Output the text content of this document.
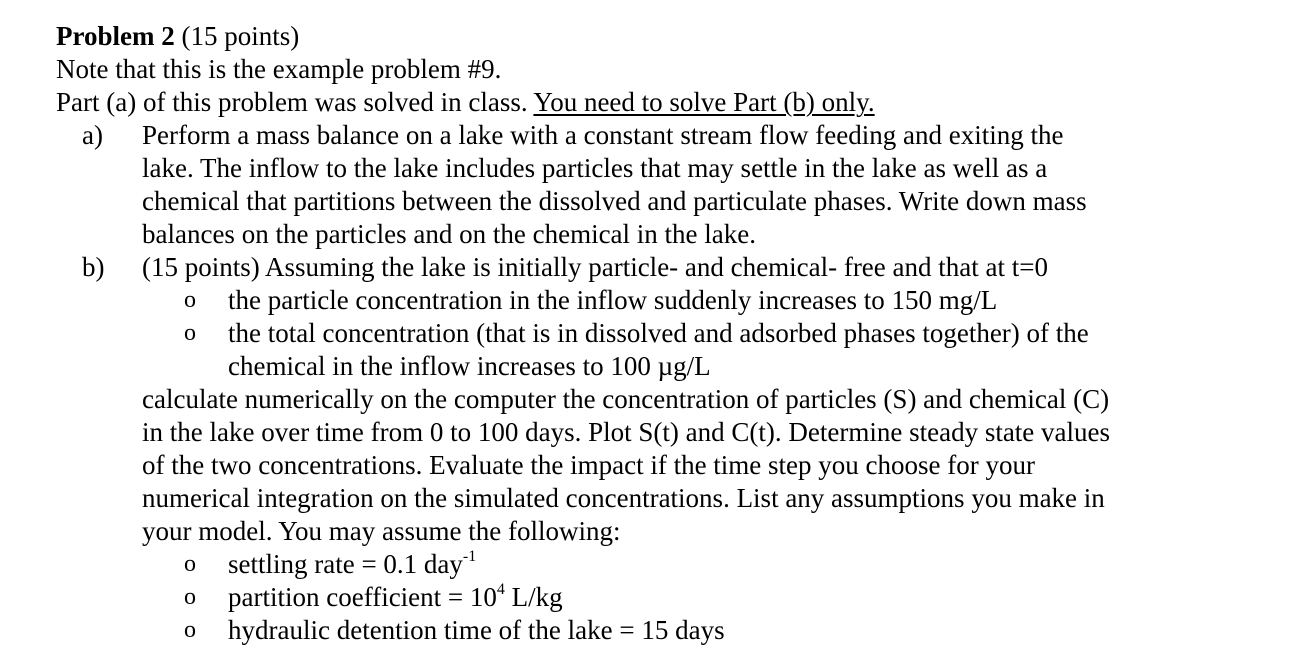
Problem 2 (15 points)
Note that this is the example problem #9.
Part (a) of this problem was solved in class. You need to solve Part (b) only.
a) Perform a mass balance on a lake with a constant stream flow feeding and exiting the
lake. The inflow to the lake includes particles that may settle in the lake as well as a
chemical that partitions between the dissolved and particulate phases. Write down mass
balances on the particles and on the chemical in the lake.
b) (15 points) Assuming the lake is initially particle- and chemical- free and that at t=0
o the particle concentration in the inflow suddenly increases to 150 mg/L
o the total concentration (that is in dissolved and adsorbed phases together) of the
chemical in the inflow increases to 100 µg/L
calculate numerically on the computer the concentration of particles (S) and chemical (C)
in the lake over time from 0 to 100 days. Plot S(t) and C(t). Determine steady state values
of the two concentrations. Evaluate the impact if the time step you choose for your
numerical integration on the simulated concentrations. List any assumptions you make in
your model. You may assume the following:
o settling rate = 0.1 day$^{-1}$
o partition coefficient = $10^4$ L/kg
o hydraulic detention time of the lake = 15 days
